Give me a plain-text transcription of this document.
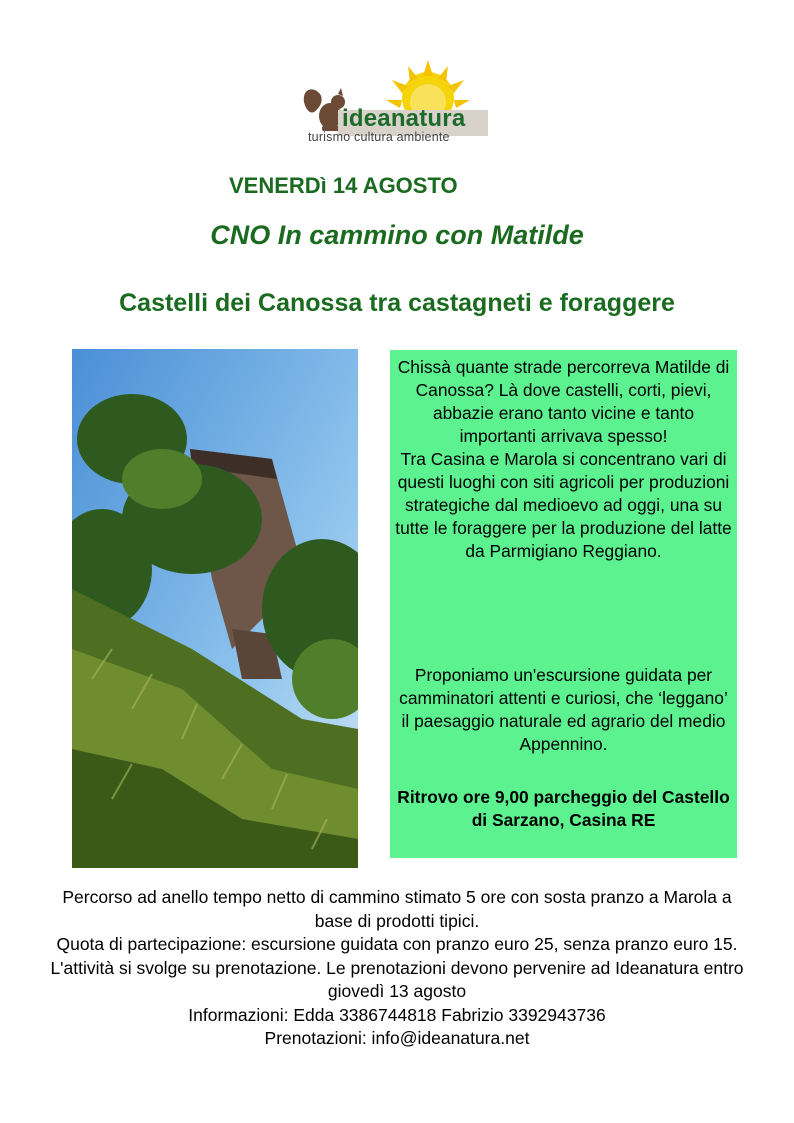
ideanatura
turismo cultura ambiente
VENERDì 14 AGOSTO
CNO In cammino con Matilde
Castelli dei Canossa tra castagneti e foraggere

Chissà quante strade percorreva Matilde di Canossa? Là dove castelli, corti, pievi, abbazie erano tanto vicine e tanto importanti arrivava spesso!
Tra Casina e Marola si concentrano vari di questi luoghi con siti agricoli per produzioni strategiche dal medioevo ad oggi, una su tutte le foraggere per la produzione del latte da Parmigiano Reggiano.

Proponiamo un'escursione guidata per camminatori attenti e curiosi, che ‘leggano’ il paesaggio naturale ed agrario del medio Appennino.

Ritrovo ore 9,00 parcheggio del Castello di Sarzano, Casina RE

Percorso ad anello tempo netto di cammino stimato 5 ore con sosta pranzo a Marola a base di prodotti tipici.
Quota di partecipazione: escursione guidata con pranzo euro 25, senza pranzo euro 15.
L'attività si svolge su prenotazione. Le prenotazioni devono pervenire ad Ideanatura entro giovedì 13 agosto
Informazioni: Edda 3386744818 Fabrizio 3392943736
Prenotazioni: info@ideanatura.net
